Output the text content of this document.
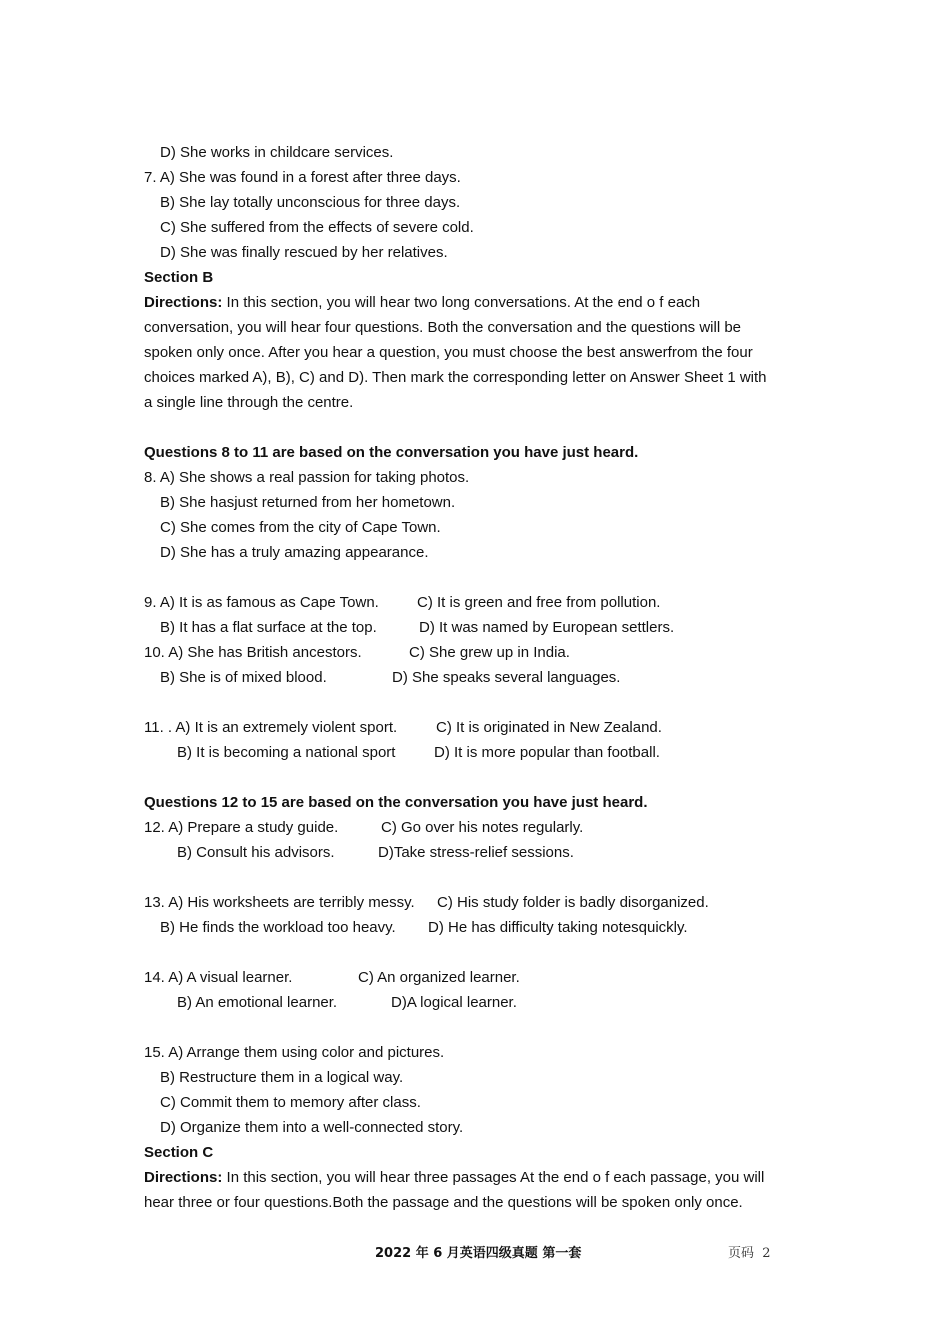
D) She works in childcare services.
7. A) She was found in a forest after three days.
B) She lay totally unconscious for three days.
C) She suffered from the effects of severe cold.
D) She was finally rescued by her relatives.
Section B
Directions: In this section, you will hear two long conversations. At the end o f each
conversation, you will hear four questions. Both the conversation and the questions will be
spoken only once. After you hear a question, you must choose the best answerfrom the four
choices marked A), B), C) and D). Then mark the corresponding letter on Answer Sheet 1 with
a single line through the centre.
Questions 8 to 11 are based on the conversation you have just heard.
8. A) She shows a real passion for taking photos.
B) She hasjust returned from her hometown.
C) She comes from the city of Cape Town.
D) She has a truly amazing appearance.
9. A) It is as famous as Cape Town.	C) It is green and free from pollution.
B) It has a flat surface at the top.	D) It was named by European settlers.
10. A) She has British ancestors.	C) She grew up in India.
B) She is of mixed blood.	D) She speaks several languages.
11. . A) It is an extremely violent sport.	C) It is originated in New Zealand.
B) It is becoming a national sport	D) It is more popular than football.
Questions 12 to 15 are based on the conversation you have just heard.
12. A) Prepare a study guide.	C) Go over his notes regularly.
B) Consult his advisors.	D)Take stress-relief sessions.
13. A) His worksheets are terribly messy. C) His study folder is badly disorganized.
B) He finds the workload too heavy. D) He has difficulty taking notesquickly.
14. A) A visual learner.	C) An organized learner.
B) An emotional learner.	D)A logical learner.
15. A) Arrange them using color and pictures.
B) Restructure them in a logical way.
C) Commit them to memory after class.
D) Organize them into a well-connected story.
Section C
Directions: In this section, you will hear three passages At the end o f each passage, you will
hear three or four questions.Both the passage and the questions will be spoken only once.
2022 年 6 月英语四级真题 第一套	页码 2
